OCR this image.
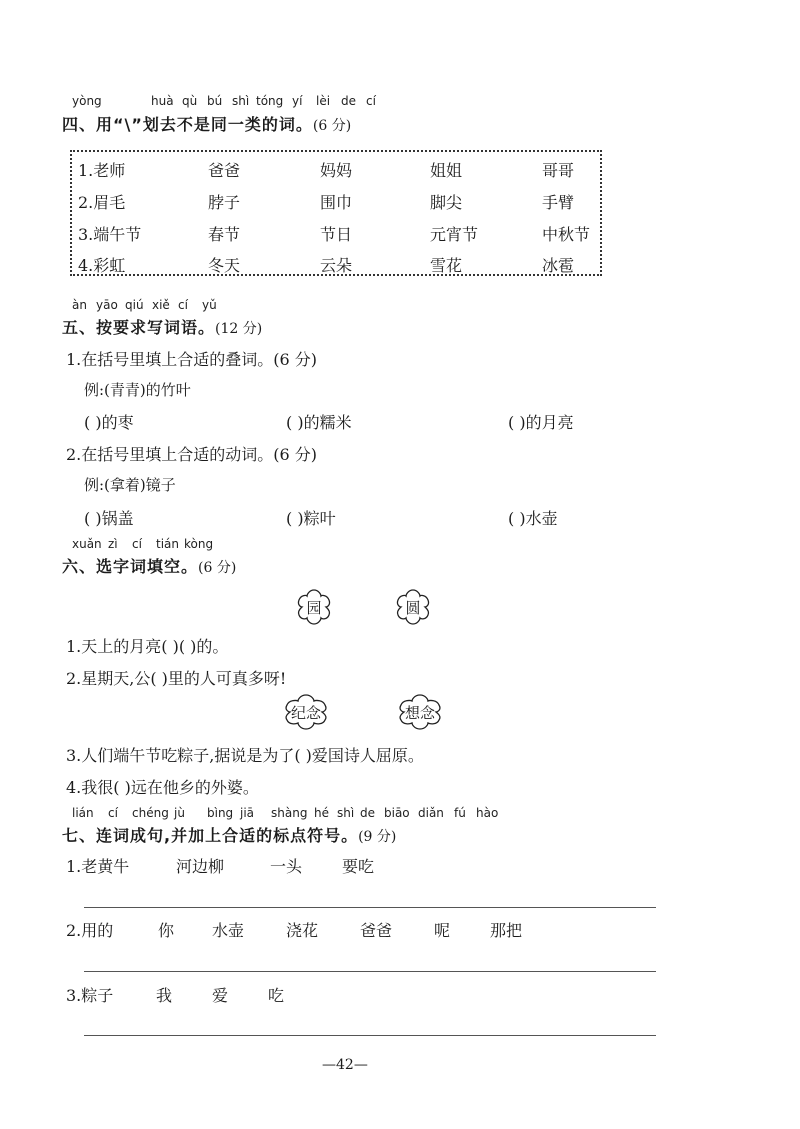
yòng	huà qù bú shì tóng yí lèi de cí
四、用“\”划去不是同一类的词。(6 分)
1.老师	爸爸	妈妈	姐姐	哥哥
2.眉毛	脖子	围巾	脚尖	手臂
3.端午节	春节	节日	元宵节	中秋节
4.彩虹	冬天	云朵	雪花	冰雹
àn yāo qiú xiě cí yǔ
五、按要求写词语。(12 分)
1.在括号里填上合适的叠词。(6 分)
例:(青青)的竹叶
( )的枣	( )的糯米	( )的月亮
2.在括号里填上合适的动词。(6 分)
例:(拿着)镜子
( )锅盖	( )粽叶	( )水壶
xuǎn zì cí tián kòng
六、选字词填空。(6 分)
园	圆
1.天上的月亮( )( )的。
2.星期天,公( )里的人可真多呀!
纪念	想念
3.人们端午节吃粽子,据说是为了( )爱国诗人屈原。
4.我很( )远在他乡的外婆。
lián cí chéng jù bìng jiā shàng hé shì de biāo diǎn fú hào
七、连词成句,并加上合适的标点符号。(9 分)
1.老黄牛	河边柳	一头 要吃
2.用的	你 水壶	浇花	爸爸	呢 那把
3.粽子	我 爱 吃
—42—
